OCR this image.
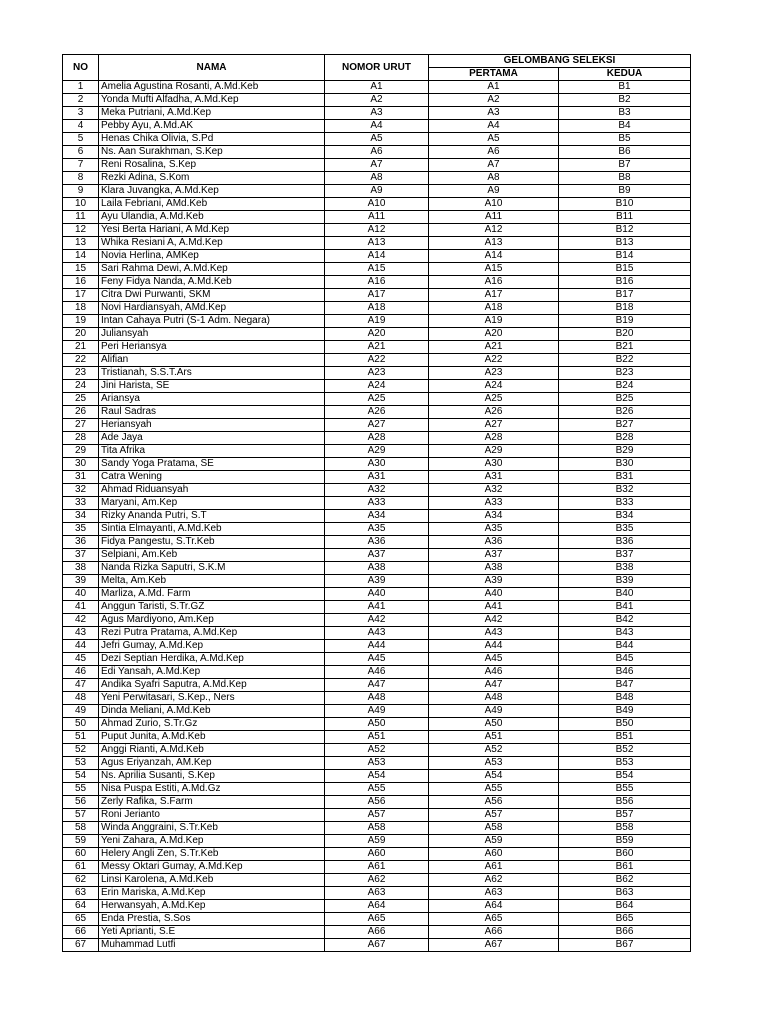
NO	NAMA	NOMOR URUT	GELOMBANG SELEKSI	
			PERTAMA	KEDUA
1	Amelia Agustina Rosanti, A.Md.Keb	A1	A1	B1
2	Yonda Mufti Alfadha, A.Md.Kep	A2	A2	B2
3	Meka Putriani, A.Md.Kep	A3	A3	B3
4	Pebby Ayu, A.Md.AK	A4	A4	B4
5	Henas Chika Olivia, S.Pd	A5	A5	B5
6	Ns. Aan Surakhman, S.Kep	A6	A6	B6
7	Reni Rosalina, S.Kep	A7	A7	B7
8	Rezki Adina, S.Kom	A8	A8	B8
9	Klara Juvangka, A.Md.Kep	A9	A9	B9
10	Laila Febriani, AMd.Keb	A10	A10	B10
11	Ayu Ulandia, A.Md.Keb	A11	A11	B11
12	Yesi Berta Hariani, A Md.Kep	A12	A12	B12
13	Whika Resiani A, A.Md.Kep	A13	A13	B13
14	Novia Herlina, AMKep	A14	A14	B14
15	Sari Rahma Dewi, A.Md.Kep	A15	A15	B15
16	Feny Fidya Nanda, A.Md.Keb	A16	A16	B16
17	Citra Dwi Purwanti, SKM	A17	A17	B17
18	Novi Hardiansyah, AMd.Kep	A18	A18	B18
19	Intan Cahaya Putri (S-1 Adm. Negara)	A19	A19	B19
20	Juliansyah	A20	A20	B20
21	Peri Heriansya	A21	A21	B21
22	Alifian	A22	A22	B22
23	Tristianah, S.S.T.Ars	A23	A23	B23
24	Jini Harista, SE	A24	A24	B24
25	Ariansya	A25	A25	B25
26	Raul Sadras	A26	A26	B26
27	Heriansyah	A27	A27	B27
28	Ade Jaya	A28	A28	B28
29	Tita Afrika	A29	A29	B29
30	Sandy Yoga Pratama, SE	A30	A30	B30
31	Catra Wening	A31	A31	B31
32	Ahmad Riduansyah	A32	A32	B32
33	Maryani, Am.Kep	A33	A33	B33
34	Rizky Ananda Putri, S.T	A34	A34	B34
35	Sintia Elmayanti, A.Md.Keb	A35	A35	B35
36	Fidya Pangestu, S.Tr.Keb	A36	A36	B36
37	Selpiani, Am.Keb	A37	A37	B37
38	Nanda Rizka Saputri, S.K.M	A38	A38	B38
39	Melta, Am.Keb	A39	A39	B39
40	Marliza, A.Md. Farm	A40	A40	B40
41	Anggun Taristi, S.Tr.GZ	A41	A41	B41
42	Agus Mardiyono, Am.Kep	A42	A42	B42
43	Rezi Putra Pratama, A.Md.Kep	A43	A43	B43
44	Jefri Gumay, A.Md.Kep	A44	A44	B44
45	Dezi Septian Herdika, A.Md.Kep	A45	A45	B45
46	Edi Yansah, A.Md.Kep	A46	A46	B46
47	Andika Syafri Saputra, A.Md.Kep	A47	A47	B47
48	Yeni Perwitasari, S.Kep., Ners	A48	A48	B48
49	Dinda Meliani, A.Md.Keb	A49	A49	B49
50	Ahmad Zurio, S.Tr.Gz	A50	A50	B50
51	Puput Junita, A.Md.Keb	A51	A51	B51
52	Anggi Rianti, A.Md.Keb	A52	A52	B52
53	Agus Eriyanzah, AM.Kep	A53	A53	B53
54	Ns. Aprilia Susanti, S.Kep	A54	A54	B54
55	Nisa Puspa Estiti, A.Md.Gz	A55	A55	B55
56	Zerly Rafika, S.Farm	A56	A56	B56
57	Roni Jerianto	A57	A57	B57
58	Winda Anggraini, S.Tr.Keb	A58	A58	B58
59	Yeni Zahara, A.Md.Kep	A59	A59	B59
60	Helery Angli Zen, S.Tr.Keb	A60	A60	B60
61	Messy Oktari Gumay, A.Md.Kep	A61	A61	B61
62	Linsi Karolena, A.Md.Keb	A62	A62	B62
63	Erin Mariska, A.Md.Kep	A63	A63	B63
64	Herwansyah, A.Md.Kep	A64	A64	B64
65	Enda Prestia, S.Sos	A65	A65	B65
66	Yeti Aprianti, S.E	A66	A66	B66
67	Muhammad Lutfi	A67	A67	B67
